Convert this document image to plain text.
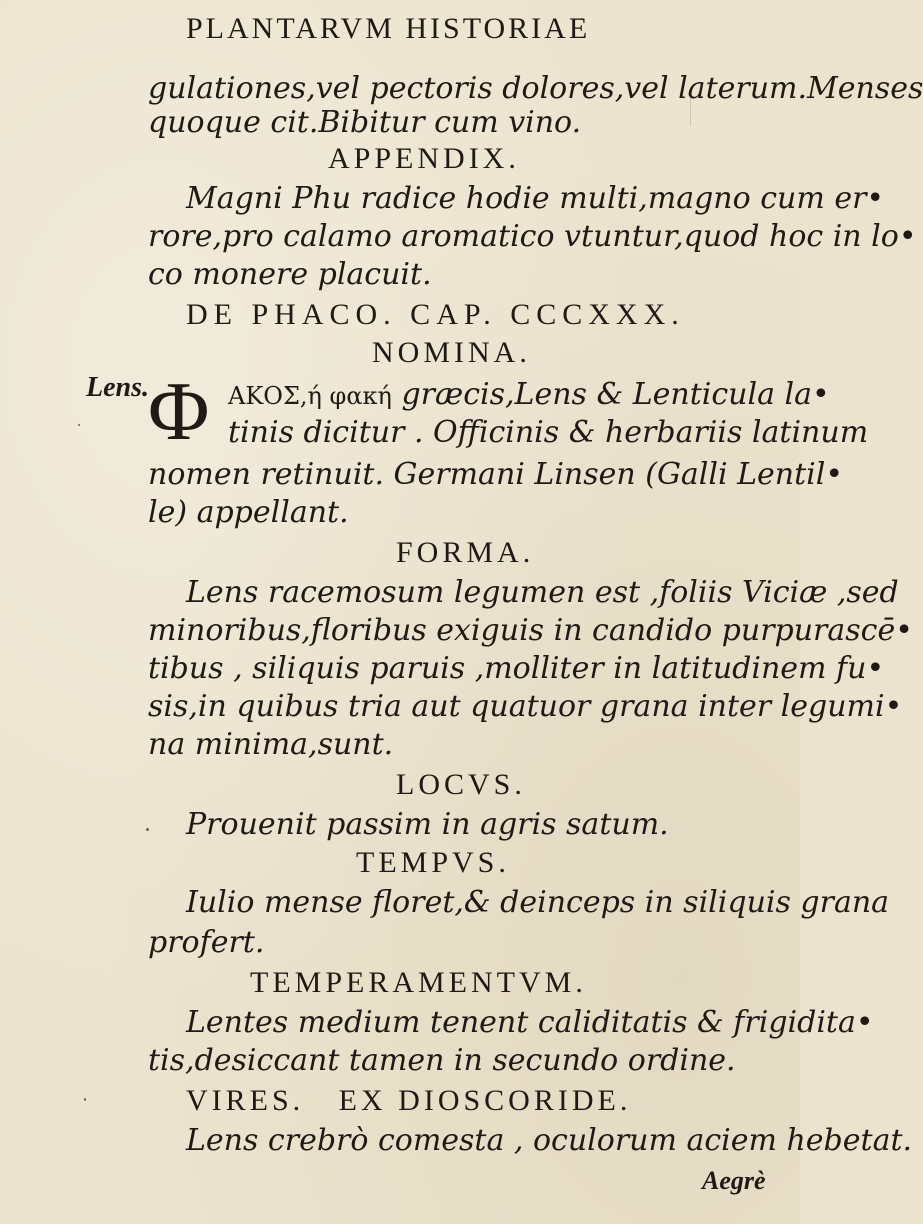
PLANTARVM HISTORIAE
gulationes,vel pectoris dolores,vel laterum.Menses
quoque cit.Bibitur cum vino.
APPENDIX.
Magni Phu radice hodie multi,magno cum er•
rore,pro calamo aromatico vtuntur,quod hoc in lo•
co monere placuit.
DE PHACO. CAP. CCCXXX.
NOMINA.
Lens. Φ ΑΚΟΣ,ή φακή græcis,Lens & Lenticula la•
tinis dicitur . Officinis & herbariis latinum
nomen retinuit. Germani Linsen (Galli Lentil•
le) appellant.
FORMA.
Lens racemosum legumen est ,foliis Viciæ ,sed
minoribus,floribus exiguis in candido purpurascē•
tibus , siliquis paruis ,molliter in latitudinem fu•
sis,in quibus tria aut quatuor grana inter legumi•
na minima,sunt.
LOCVS.
Prouenit passim in agris satum.
TEMPVS.
Iulio mense floret,& deinceps in siliquis grana
profert.
TEMPERAMENTVM.
Lentes medium tenent caliditatis & frigidita•
tis,desiccant tamen in secundo ordine.
VIRES.   EX DIOSCORIDE.
Lens crebrò comesta , oculorum aciem hebetat.
Aegrè
